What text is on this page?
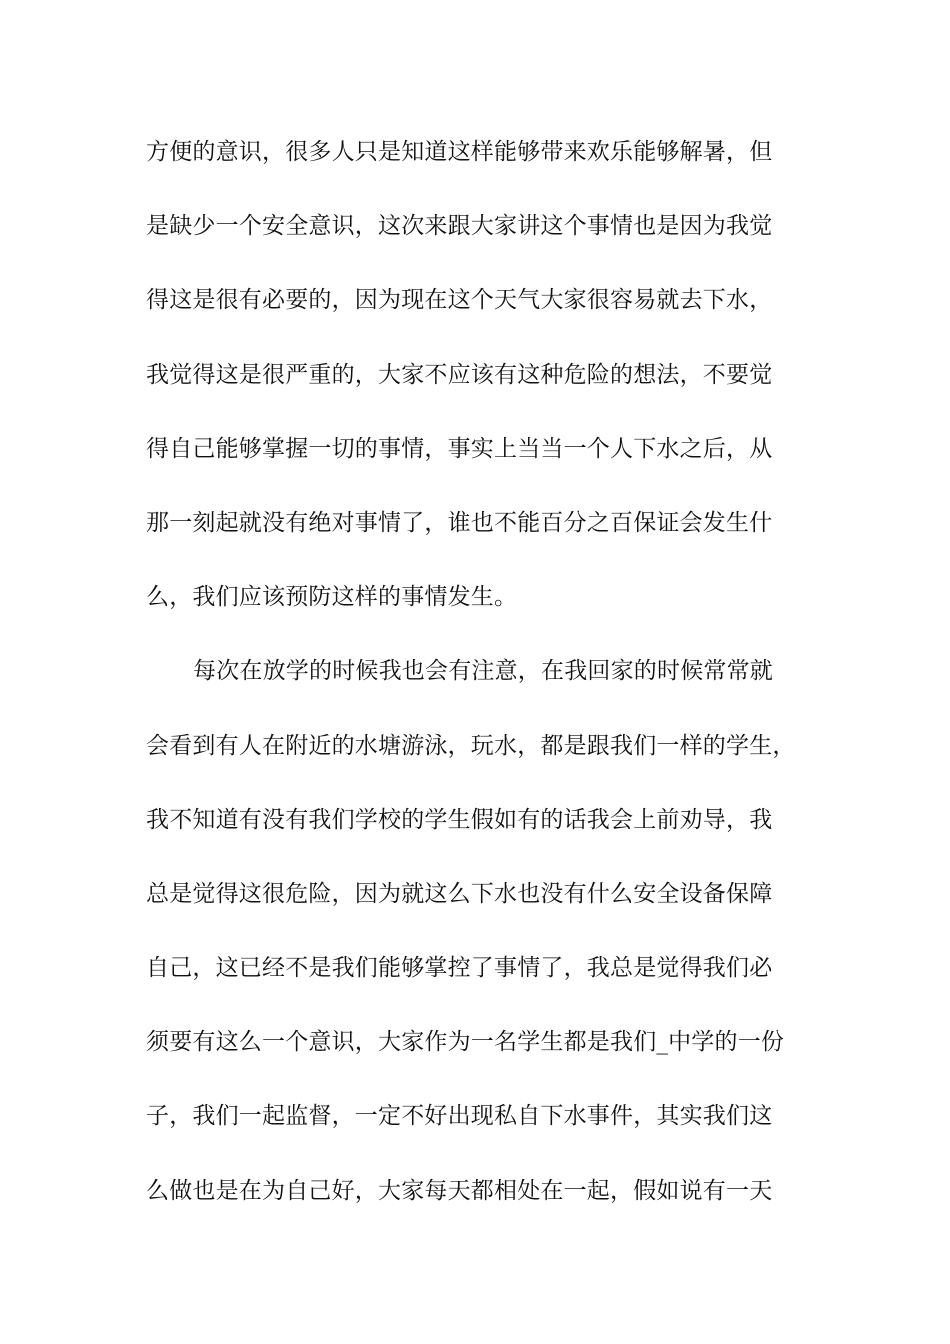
方便的意识，很多人只是知道这样能够带来欢乐能够解暑，但
是缺少一个安全意识，这次来跟大家讲这个事情也是因为我觉
得这是很有必要的，因为现在这个天气大家很容易就去下水，
我觉得这是很严重的，大家不应该有这种危险的想法，不要觉
得自己能够掌握一切的事情，事实上当当一个人下水之后，从
那一刻起就没有绝对事情了，谁也不能百分之百保证会发生什
么，我们应该预防这样的事情发生。
每次在放学的时候我也会有注意，在我回家的时候常常就
会看到有人在附近的水塘游泳，玩水，都是跟我们一样的学生，
我不知道有没有我们学校的学生假如有的话我会上前劝导，我
总是觉得这很危险，因为就这么下水也没有什么安全设备保障
自己，这已经不是我们能够掌控了事情了，我总是觉得我们必
须要有这么一个意识，大家作为一名学生都是我们_中学的一份
子，我们一起监督，一定不好出现私自下水事件，其实我们这
么做也是在为自己好，大家每天都相处在一起，假如说有一天
